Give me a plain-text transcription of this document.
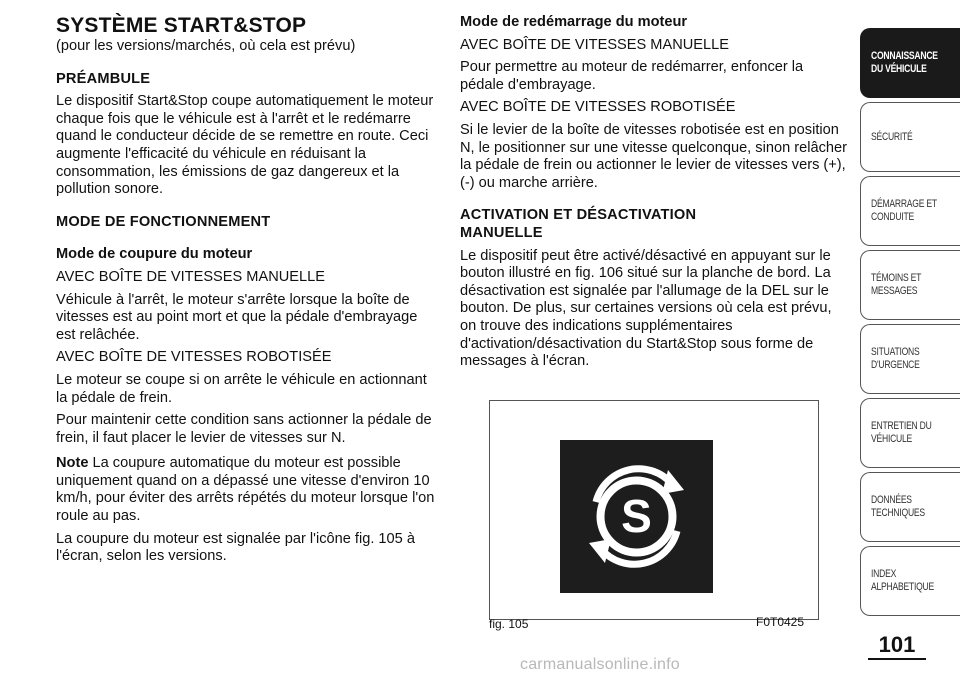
SYSTÈME START&STOP
(pour les versions/marchés, où cela est prévu)
PRÉAMBULE
Le dispositif Start&Stop coupe automatiquement le moteur chaque fois que le véhicule est à l'arrêt et le redémarre quand le conducteur décide de se remettre en route. Ceci augmente l'efficacité du véhicule en réduisant la consommation, les émissions de gaz dangereux et la pollution sonore.
MODE DE FONCTIONNEMENT
Mode de coupure du moteur
AVEC BOÎTE DE VITESSES MANUELLE
Véhicule à l'arrêt, le moteur s'arrête lorsque la boîte de vitesses est au point mort et que la pédale d'embrayage est relâchée.
AVEC BOÎTE DE VITESSES ROBOTISÉE
Le moteur se coupe si on arrête le véhicule en actionnant la pédale de frein.
Pour maintenir cette condition sans actionner la pédale de frein, il faut placer le levier de vitesses sur N.
Note La coupure automatique du moteur est possible uniquement quand on a dépassé une vitesse d'environ 10 km/h, pour éviter des arrêts répétés du moteur lorsque l'on roule au pas.
La coupure du moteur est signalée par l'icône fig. 105 à l'écran, selon les versions.
Mode de redémarrage du moteur
AVEC BOÎTE DE VITESSES MANUELLE
Pour permettre au moteur de redémarrer, enfoncer la pédale d'embrayage.
AVEC BOÎTE DE VITESSES ROBOTISÉE
Si le levier de la boîte de vitesses robotisée est en position N, le positionner sur une vitesse quelconque, sinon relâcher la pédale de frein ou actionner le levier de vitesses vers (+), (-) ou marche arrière.
ACTIVATION ET DÉSACTIVATION
MANUELLE
Le dispositif peut être activé/désactivé en appuyant sur le bouton illustré en fig. 106 situé sur la planche de bord. La désactivation est signalée par l'allumage de la DEL sur le bouton. De plus, sur certaines versions où cela est prévu, on trouve des indications supplémentaires d'activation/désactivation du Start&Stop sous forme de messages à l'écran.
S
fig. 105	F0T0425
CONNAISSANCE
DU VÉHICULE
SÉCURITÉ
DÉMARRAGE ET
CONDUITE
TÉMOINS ET
MESSAGES
SITUATIONS
D'URGENCE
ENTRETIEN DU
VÉHICULE
DONNÉES
TECHNIQUES
INDEX
ALPHABETIQUE
101
carmanualsonline.info
